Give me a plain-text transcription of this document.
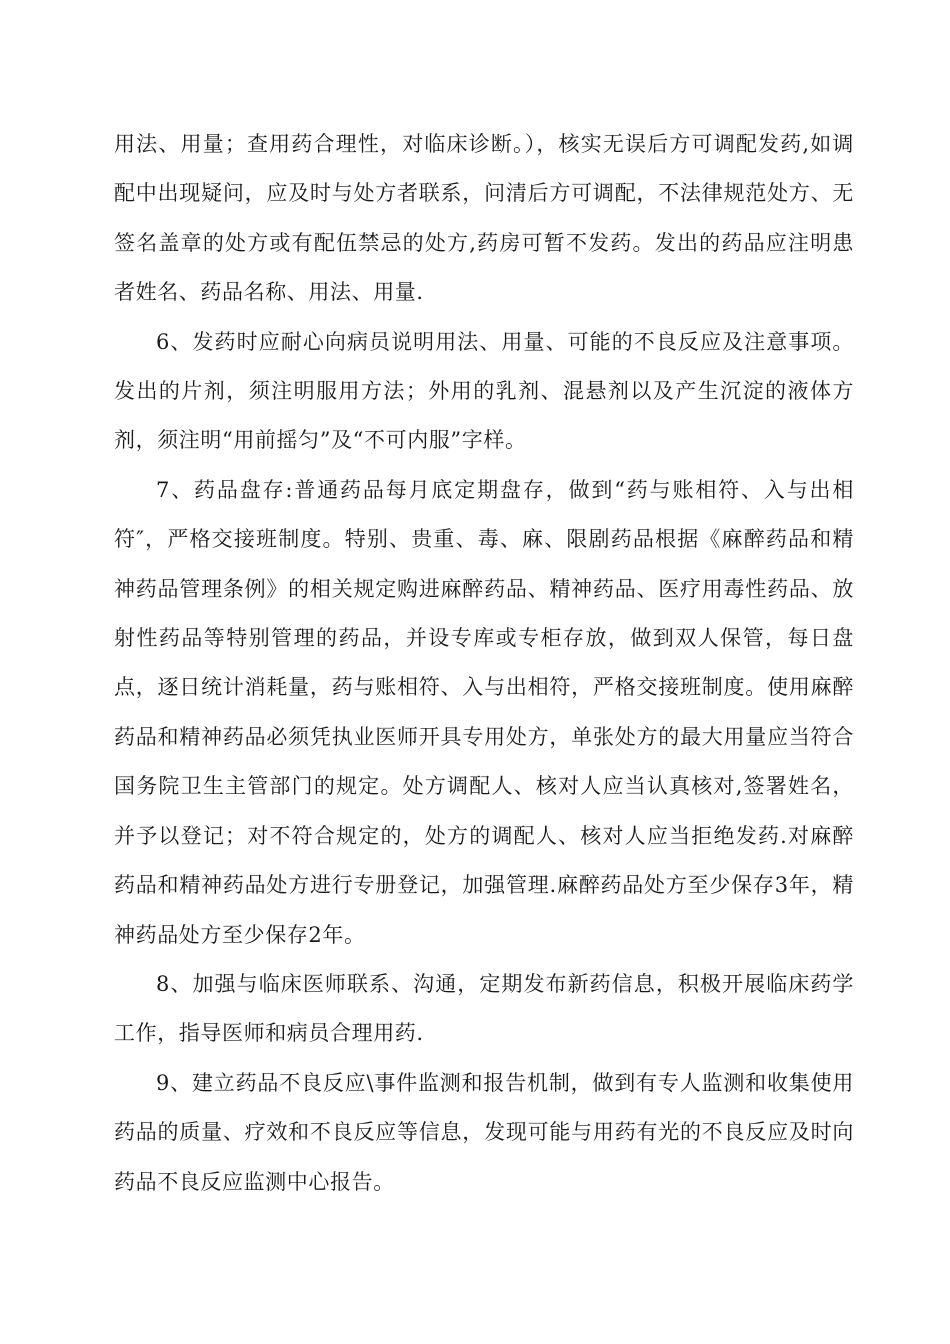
用法、用量；查用药合理性，对临床诊断。），核实无误后方可调配发药,如调配中出现疑问，应及时与处方者联系，问清后方可调配，不法律规范处方、无签名盖章的处方或有配伍禁忌的处方,药房可暂不发药。发出的药品应注明患者姓名、药品名称、用法、用量.

6、发药时应耐心向病员说明用法、用量、可能的不良反应及注意事项。发出的片剂，须注明服用方法；外用的乳剂、混悬剂以及产生沉淀的液体方剂，须注明“用前摇匀”及“不可内服”字样。

7、药品盘存:普通药品每月底定期盘存，做到“药与账相符、入与出相符″，严格交接班制度。特别、贵重、毒、麻、限剧药品根据《麻醉药品和精神药品管理条例》的相关规定购进麻醉药品、精神药品、医疗用毒性药品、放射性药品等特别管理的药品，并设专库或专柜存放，做到双人保管，每日盘点，逐日统计消耗量，药与账相符、入与出相符，严格交接班制度。使用麻醉药品和精神药品必须凭执业医师开具专用处方，单张处方的最大用量应当符合国务院卫生主管部门的规定。处方调配人、核对人应当认真核对,签署姓名，并予以登记；对不符合规定的，处方的调配人、核对人应当拒绝发药.对麻醉药品和精神药品处方进行专册登记，加强管理.麻醉药品处方至少保存3年，精神药品处方至少保存2年。

8、加强与临床医师联系、沟通，定期发布新药信息，积极开展临床药学工作，指导医师和病员合理用药.

9、建立药品不良反应\事件监测和报告机制，做到有专人监测和收集使用药品的质量、疗效和不良反应等信息，发现可能与用药有光的不良反应及时向药品不良反应监测中心报告。
